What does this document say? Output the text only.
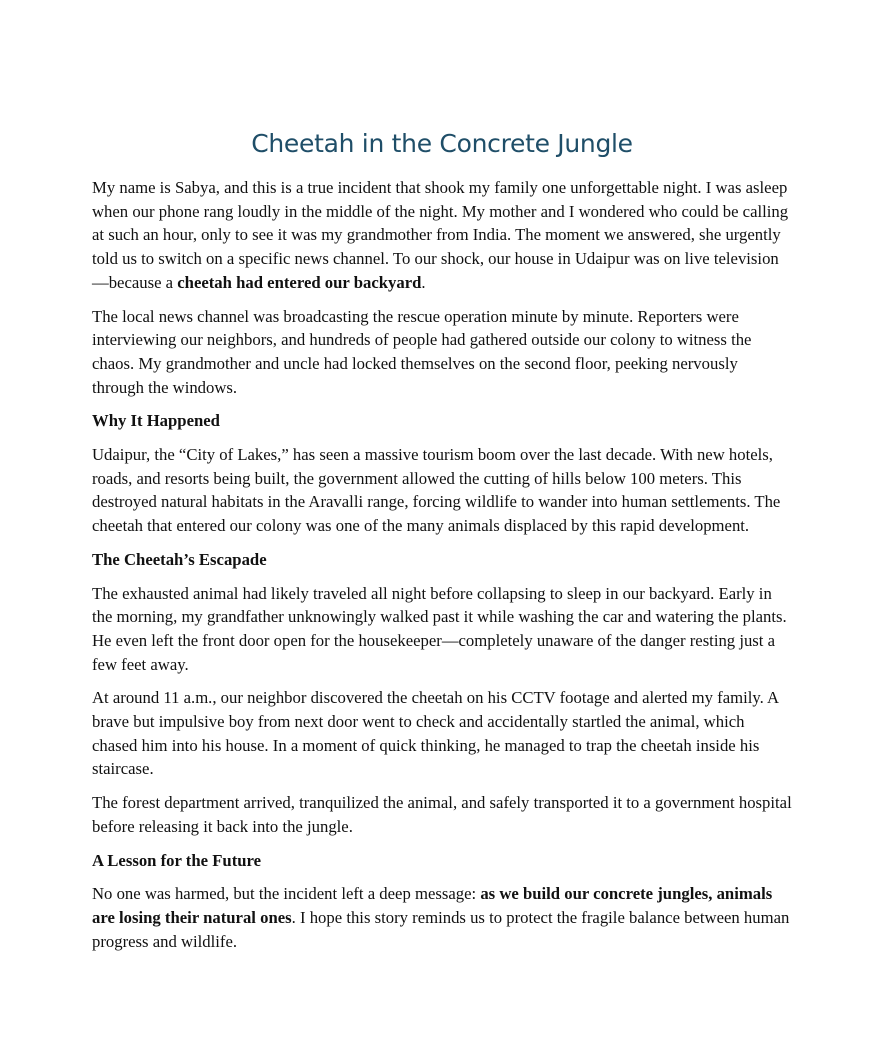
Cheetah in the Concrete Jungle

My name is Sabya, and this is a true incident that shook my family one unforgettable night. I was asleep when our phone rang loudly in the middle of the night. My mother and I wondered who could be calling at such an hour, only to see it was my grandmother from India. The moment we answered, she urgently told us to switch on a specific news channel. To our shock, our house in Udaipur was on live television—because a cheetah had entered our backyard.

The local news channel was broadcasting the rescue operation minute by minute. Reporters were interviewing our neighbors, and hundreds of people had gathered outside our colony to witness the chaos. My grandmother and uncle had locked themselves on the second floor, peeking nervously through the windows.

Why It Happened

Udaipur, the “City of Lakes,” has seen a massive tourism boom over the last decade. With new hotels, roads, and resorts being built, the government allowed the cutting of hills below 100 meters. This destroyed natural habitats in the Aravalli range, forcing wildlife to wander into human settlements. The cheetah that entered our colony was one of the many animals displaced by this rapid development.

The Cheetah’s Escapade

The exhausted animal had likely traveled all night before collapsing to sleep in our backyard. Early in the morning, my grandfather unknowingly walked past it while washing the car and watering the plants. He even left the front door open for the housekeeper—completely unaware of the danger resting just a few feet away.

At around 11 a.m., our neighbor discovered the cheetah on his CCTV footage and alerted my family. A brave but impulsive boy from next door went to check and accidentally startled the animal, which chased him into his house. In a moment of quick thinking, he managed to trap the cheetah inside his staircase.

The forest department arrived, tranquilized the animal, and safely transported it to a government hospital before releasing it back into the jungle.

A Lesson for the Future

No one was harmed, but the incident left a deep message: as we build our concrete jungles, animals are losing their natural ones. I hope this story reminds us to protect the fragile balance between human progress and wildlife.
